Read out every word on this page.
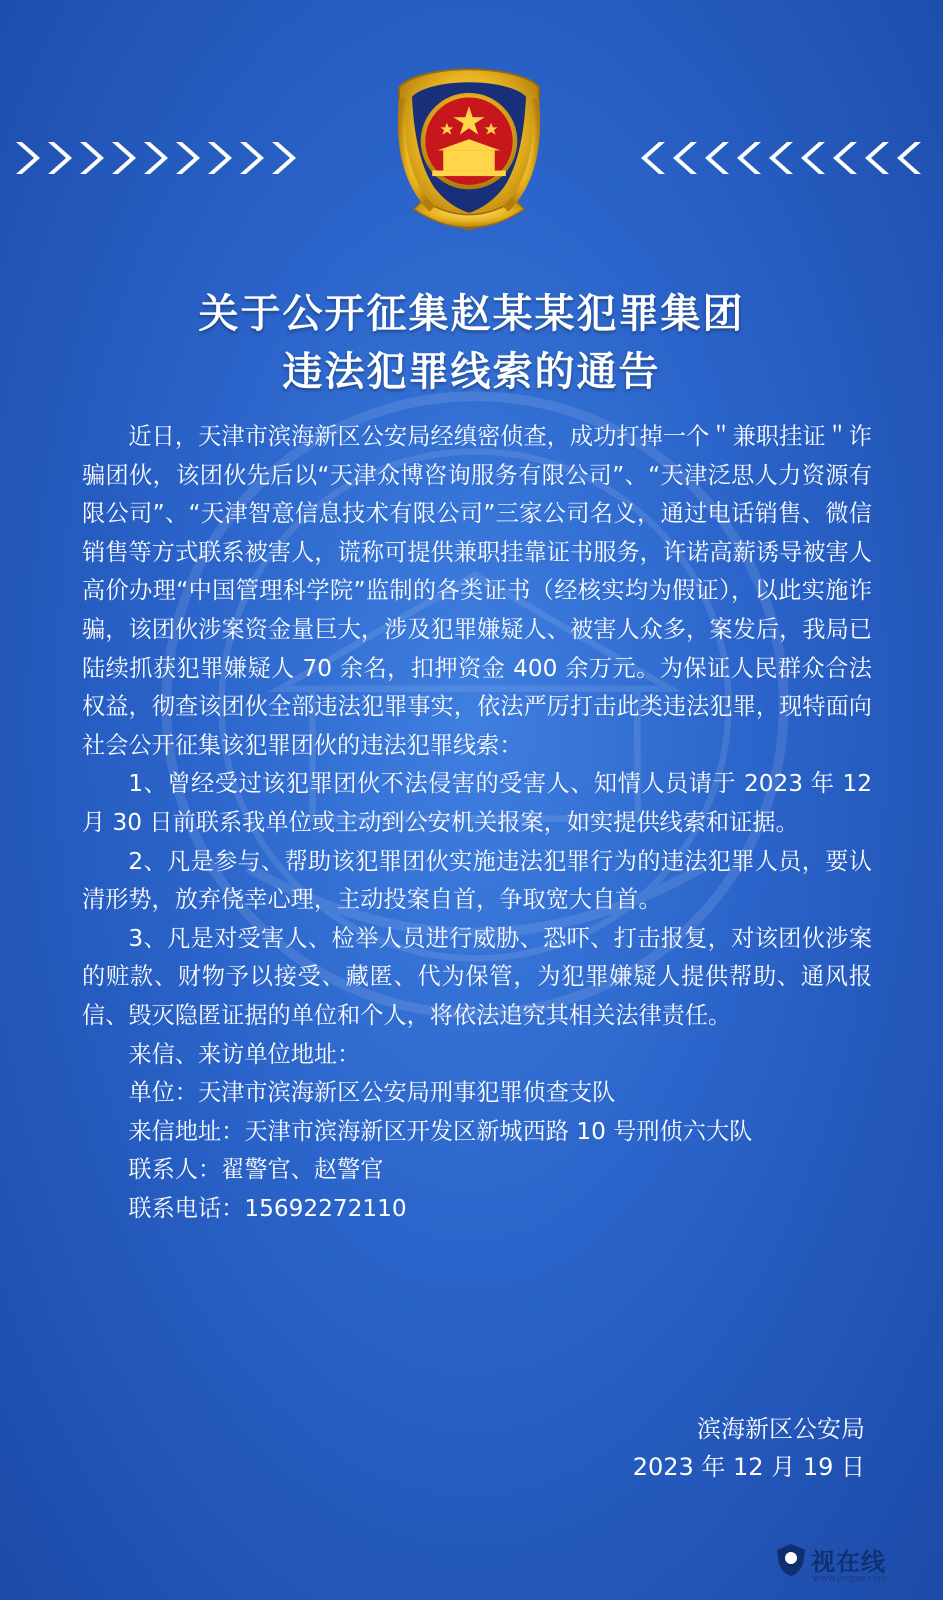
关于公开征集赵某某犯罪集团
违法犯罪线索的通告

近日，天津市滨海新区公安局经缜密侦查，成功打掉一个＂兼职挂证＂诈骗团伙，该团伙先后以“天津众博咨询服务有限公司”、“天津泛思人力资源有限公司”、“天津智意信息技术有限公司”三家公司名义，通过电话销售、微信销售等方式联系被害人，谎称可提供兼职挂靠证书服务，许诺高薪诱导被害人高价办理“中国管理科学院”监制的各类证书（经核实均为假证），以此实施诈骗，该团伙涉案资金量巨大，涉及犯罪嫌疑人、被害人众多，案发后，我局已陆续抓获犯罪嫌疑人 70 余名，扣押资金 400 余万元。为保证人民群众合法权益，彻查该团伙全部违法犯罪事实，依法严厉打击此类违法犯罪，现特面向社会公开征集该犯罪团伙的违法犯罪线索：

1、曾经受过该犯罪团伙不法侵害的受害人、知情人员请于 2023 年 12 月 30 日前联系我单位或主动到公安机关报案，如实提供线索和证据。

2、凡是参与、帮助该犯罪团伙实施违法犯罪行为的违法犯罪人员，要认清形势，放弃侥幸心理，主动投案自首，争取宽大自首。

3、凡是对受害人、检举人员进行威胁、恐吓、打击报复，对该团伙涉案的赃款、财物予以接受、藏匿、代为保管，为犯罪嫌疑人提供帮助、通风报信、毁灭隐匿证据的单位和个人，将依法追究其相关法律责任。

来信、来访单位地址：

单位：天津市滨海新区公安局刑事犯罪侦查支队

来信地址：天津市滨海新区开发区新城西路 10 号刑侦六大队

联系人：翟警官、赵警官

联系电话：15692272110

滨海新区公安局
2023 年 12 月 19 日
视在线
www.jingsw.com
